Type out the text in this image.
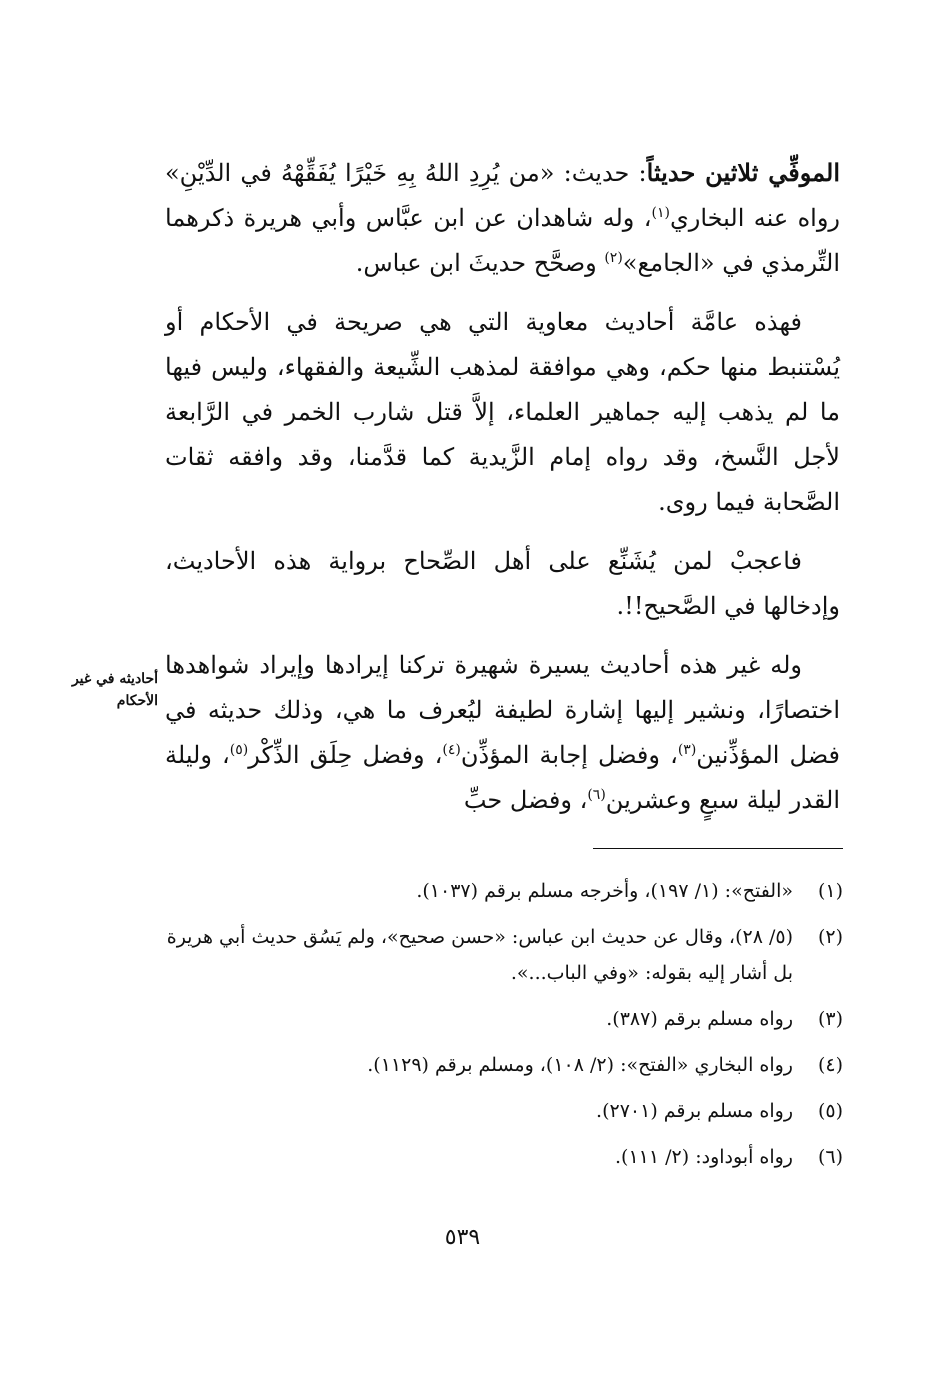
الموفِّي ثلاثين حديثاً: حديث: «من يُرِدِ اللهُ بِهِ خَيْرًا يُفَقِّهْهُ في الدِّيْنِ» رواه عنه البخاري$^{(١)}$، وله شاهدان عن ابن عبَّاس وأبي هريرة ذكرهما التِّرمذي في «الجامع»$^{(٢)}$ وصحَّح حديثَ ابن عباس.

فهذه عامَّة أحاديث معاوية التي هي صريحة في الأحكام أو يُسْتنبط منها حكم، وهي موافقة لمذهب الشِّيعة والفقهاء، وليس فيها ما لم يذهب إليه جماهير العلماء، إلاَّ قتل شارب الخمر في الرَّابعة لأجل النَّسخ، وقد رواه إمام الزَّيدية كما قدَّمنا، وقد وافقه ثقات الصَّحابة فيما روى.

فاعجبْ لمن يُشَنِّع على أهل الصِّحاح برواية هذه الأحاديث، وإدخالها في الصَّحيح!!.

وله غير هذه أحاديث يسيرة شهيرة تركنا إيرادها وإيراد شواهدها اختصارًا، ونشير إليها إشارة لطيفة ليُعرف ما هي، وذلك حديثه في فضل المؤذِّنين$^{(٣)}$، وفضل إجابة المؤذِّن$^{(٤)}$، وفضل حِلَق الذِّكْر$^{(٥)}$، وليلة القدر ليلة سبعٍ وعشرين$^{(٦)}$، وفضل حبِّ

أحاديثه في غير الأحكام
(١)
«الفتح»: (١/ ١٩٧)، وأخرجه مسلم برقم (١٠٣٧).
(٢)
(٥/ ٢٨)، وقال عن حديث ابن عباس: «حسن صحيح»، ولم يَسُق حديث أبي هريرة بل أشار إليه بقوله: «وفي الباب...».
(٣)
رواه مسلم برقم (٣٨٧).
(٤)
رواه البخاري «الفتح»: (٢/ ١٠٨)، ومسلم برقم (١١٢٩).
(٥)
رواه مسلم برقم (٢٧٠١).
(٦)
رواه أبوداود: (٢/ ١١١).
٥٣٩
